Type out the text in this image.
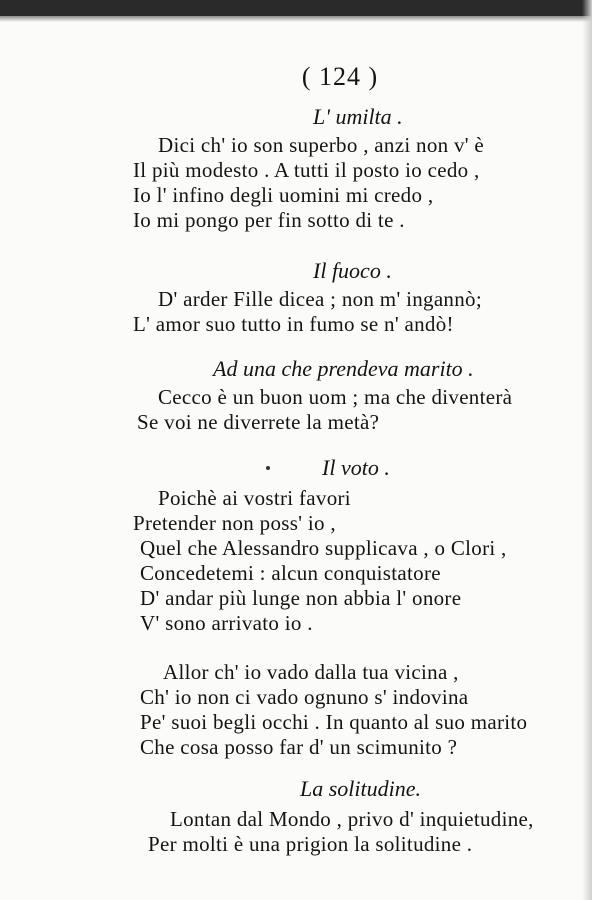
( 124 )
L' umilta .
Dici ch' io son superbo , anzi non v' è
Il più modesto . A tutti il posto io cedo ,
Io l' infino degli uomini mi credo ,
Io mi pongo per fin sotto di te .
Il fuoco .
D' arder Fille dicea ; non m' ingannò;
L' amor suo tutto in fumo se n' andò!
Ad una che prendeva marito .
Cecco è un buon uom ; ma che diventerà
Se voi ne diverrete la metà?
Il voto .
Poichè ai vostri favori
Pretender non poss' io ,
Quel che Alessandro supplicava , o Clori ,
Concedetemi : alcun conquistatore
D' andar più lunge non abbia l' onore
V' sono arrivato io .
Allor ch' io vado dalla tua vicina ,
Ch' io non ci vado ognuno s' indovina
Pe' suoi begli occhi . In quanto al suo marito
Che cosa posso far d' un scimunito ?
La solitudine.
Lontan dal Mondo , privo d' inquietudine,
Per molti è una prigion la solitudine .
